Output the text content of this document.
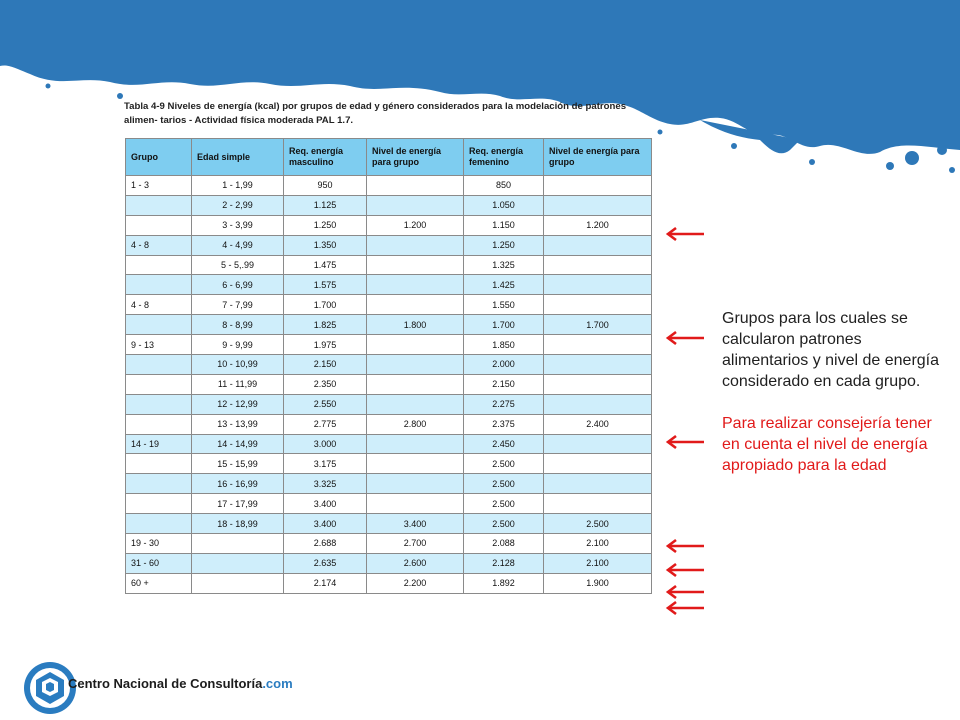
Tabla 4-9 Niveles de energía (kcal) por grupos de edad y género considerados para la modelación de patrones alimen- tarios - Actividad física moderada PAL 1.7.
Grupo	Edad simple	Req. energía masculino	Nivel de energía para grupo	Req. energía femenino	Nivel de energía para grupo
1 - 3	1 - 1,99	950		850	
	2 - 2,99	1.125		1.050	
	3 - 3,99	1.250	1.200	1.150	1.200
4 - 8	4 - 4,99	1.350		1.250	
	5 - 5,.99	1.475		1.325	
	6 - 6,99	1.575		1.425	
4 - 8	7 - 7,99	1.700		1.550	
	8 - 8,99	1.825	1.800	1.700	1.700
9 - 13	9 - 9,99	1.975		1.850	
	10 - 10,99	2.150		2.000	
	11 - 11,99	2.350		2.150	
	12 - 12,99	2.550		2.275	
	13 - 13,99	2.775	2.800	2.375	2.400
14 - 19	14 - 14,99	3.000		2.450	
	15 - 15,99	3.175		2.500	
	16 - 16,99	3.325		2.500	
	17 - 17,99	3.400		2.500	
	18 - 18,99	3.400	3.400	2.500	2.500
19 - 30		2.688	2.700	2.088	2.100
31 - 60		2.635	2.600	2.128	2.100
60 +		2.174	2.200	1.892	1.900

Grupos para los cuales se
calcularon patrones
alimentarios y nivel de energía
considerado en cada grupo.

Para realizar consejería tener
en cuenta el nivel de energía
apropiado para la edad

Centro Nacional de Consultoría.com
